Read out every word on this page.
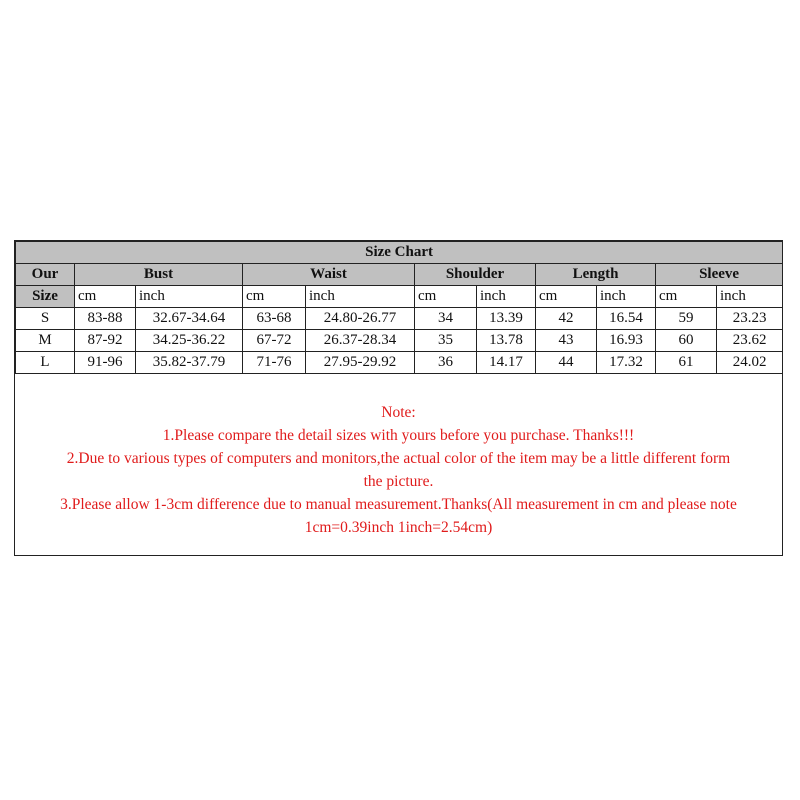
Size Chart										
Our	Bust		Waist		Shoulder		Length		Sleeve	
Size	cm	inch	cm	inch	cm	inch	cm	inch	cm	inch
S	83-88	32.67-34.64	63-68	24.80-26.77	34	13.39	42	16.54	59	23.23
M	87-92	34.25-36.22	67-72	26.37-28.34	35	13.78	43	16.93	60	23.62
L	91-96	35.82-37.79	71-76	27.95-29.92	36	14.17	44	17.32	61	24.02

Note:

1.Please compare the detail sizes with yours before you purchase. Thanks!!!

2.Due to various types of computers and monitors,the actual color of the item may be a little different form

the picture.

3.Please allow 1-3cm difference due to manual measurement.Thanks(All measurement in cm and please note

1cm=0.39inch 1inch=2.54cm)
